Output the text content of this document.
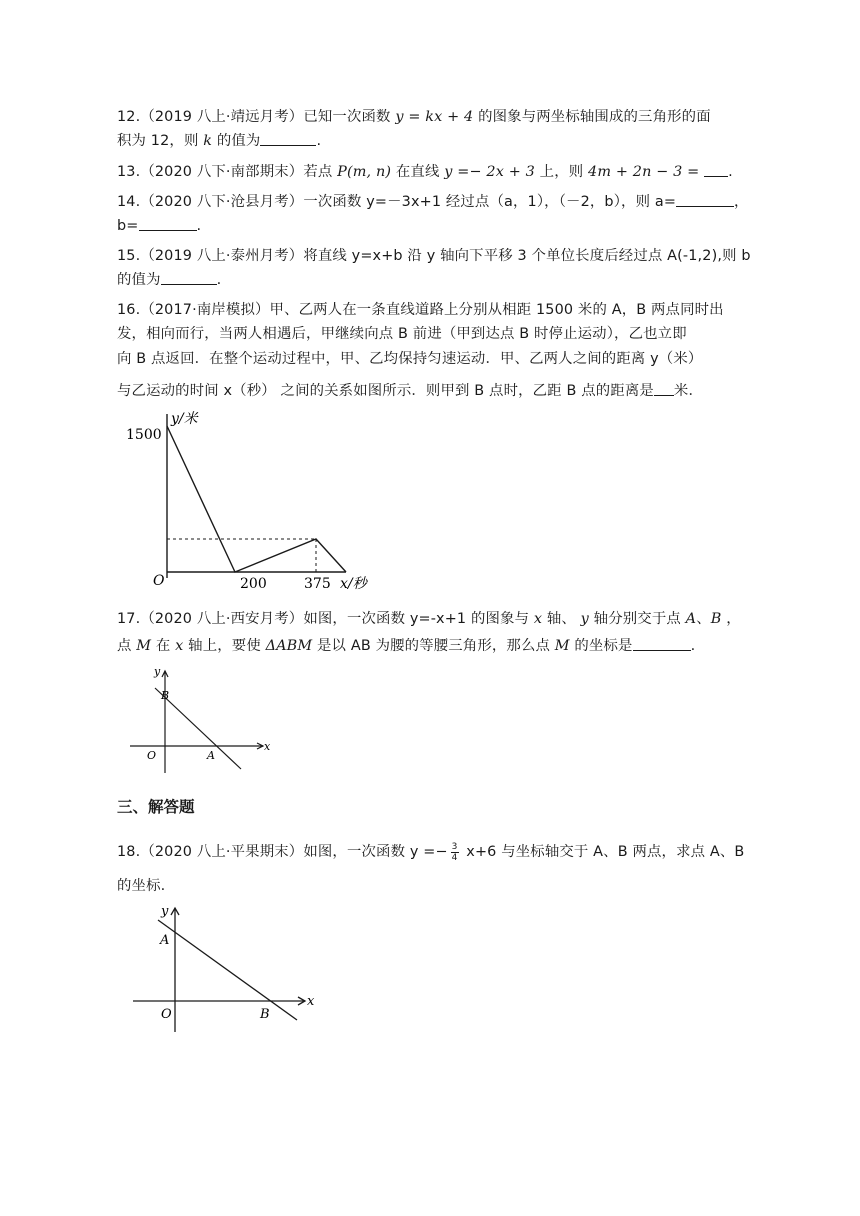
12.（2019 八上·靖远月考）已知一次函数 y = kx + 4 的图象与两坐标轴围成的三角形的面
积为 12，则 k 的值为	.
13.（2020 八下·南部期末）若点 P(m, n) 在直线 y =− 2x + 3 上，则 4m + 2n − 3 = .
14.（2020 八下·沧县月考）一次函数 y=－3x+1 经过点（a，1），（－2，b），则 a=	，
b=	.
15.（2019 八上·泰州月考）将直线 y=x+b 沿 y 轴向下平移 3 个单位长度后经过点 A(-1,2),则 b
的值为	.
16.（2017·南岸模拟）甲、乙两人在一条直线道路上分别从相距 1500 米的 A，B 两点同时出
发，相向而行，当两人相遇后，甲继续向点 B 前进（甲到达点 B 时停止运动），乙也立即
向 B 点返回．在整个运动过程中，甲、乙均保持匀速运动．甲、乙两人之间的距离 y（米）
与乙运动的时间 x（秒） 之间的关系如图所示．则甲到 B 点时，乙距 B 点的距离是 米．
y/米
1500
O	200	375 x/秒
17.（2020 八上·西安月考）如图，一次函数 y=-x+1 的图象与 x 轴、 y 轴分别交于点 A、B ，
点 M 在 x 轴上，要使 ΔABM 是以 AB 为腰的等腰三角形，那么点 M 的坐标是	.
y
B
O	A
x
三、解答题
18.（2020 八上·平果期末）如图，一次函数 $y =- \frac{3}{4} x+6$ 与坐标轴交于 A、B 两点，求点 A、B
的坐标.
y
A
O	B
x
